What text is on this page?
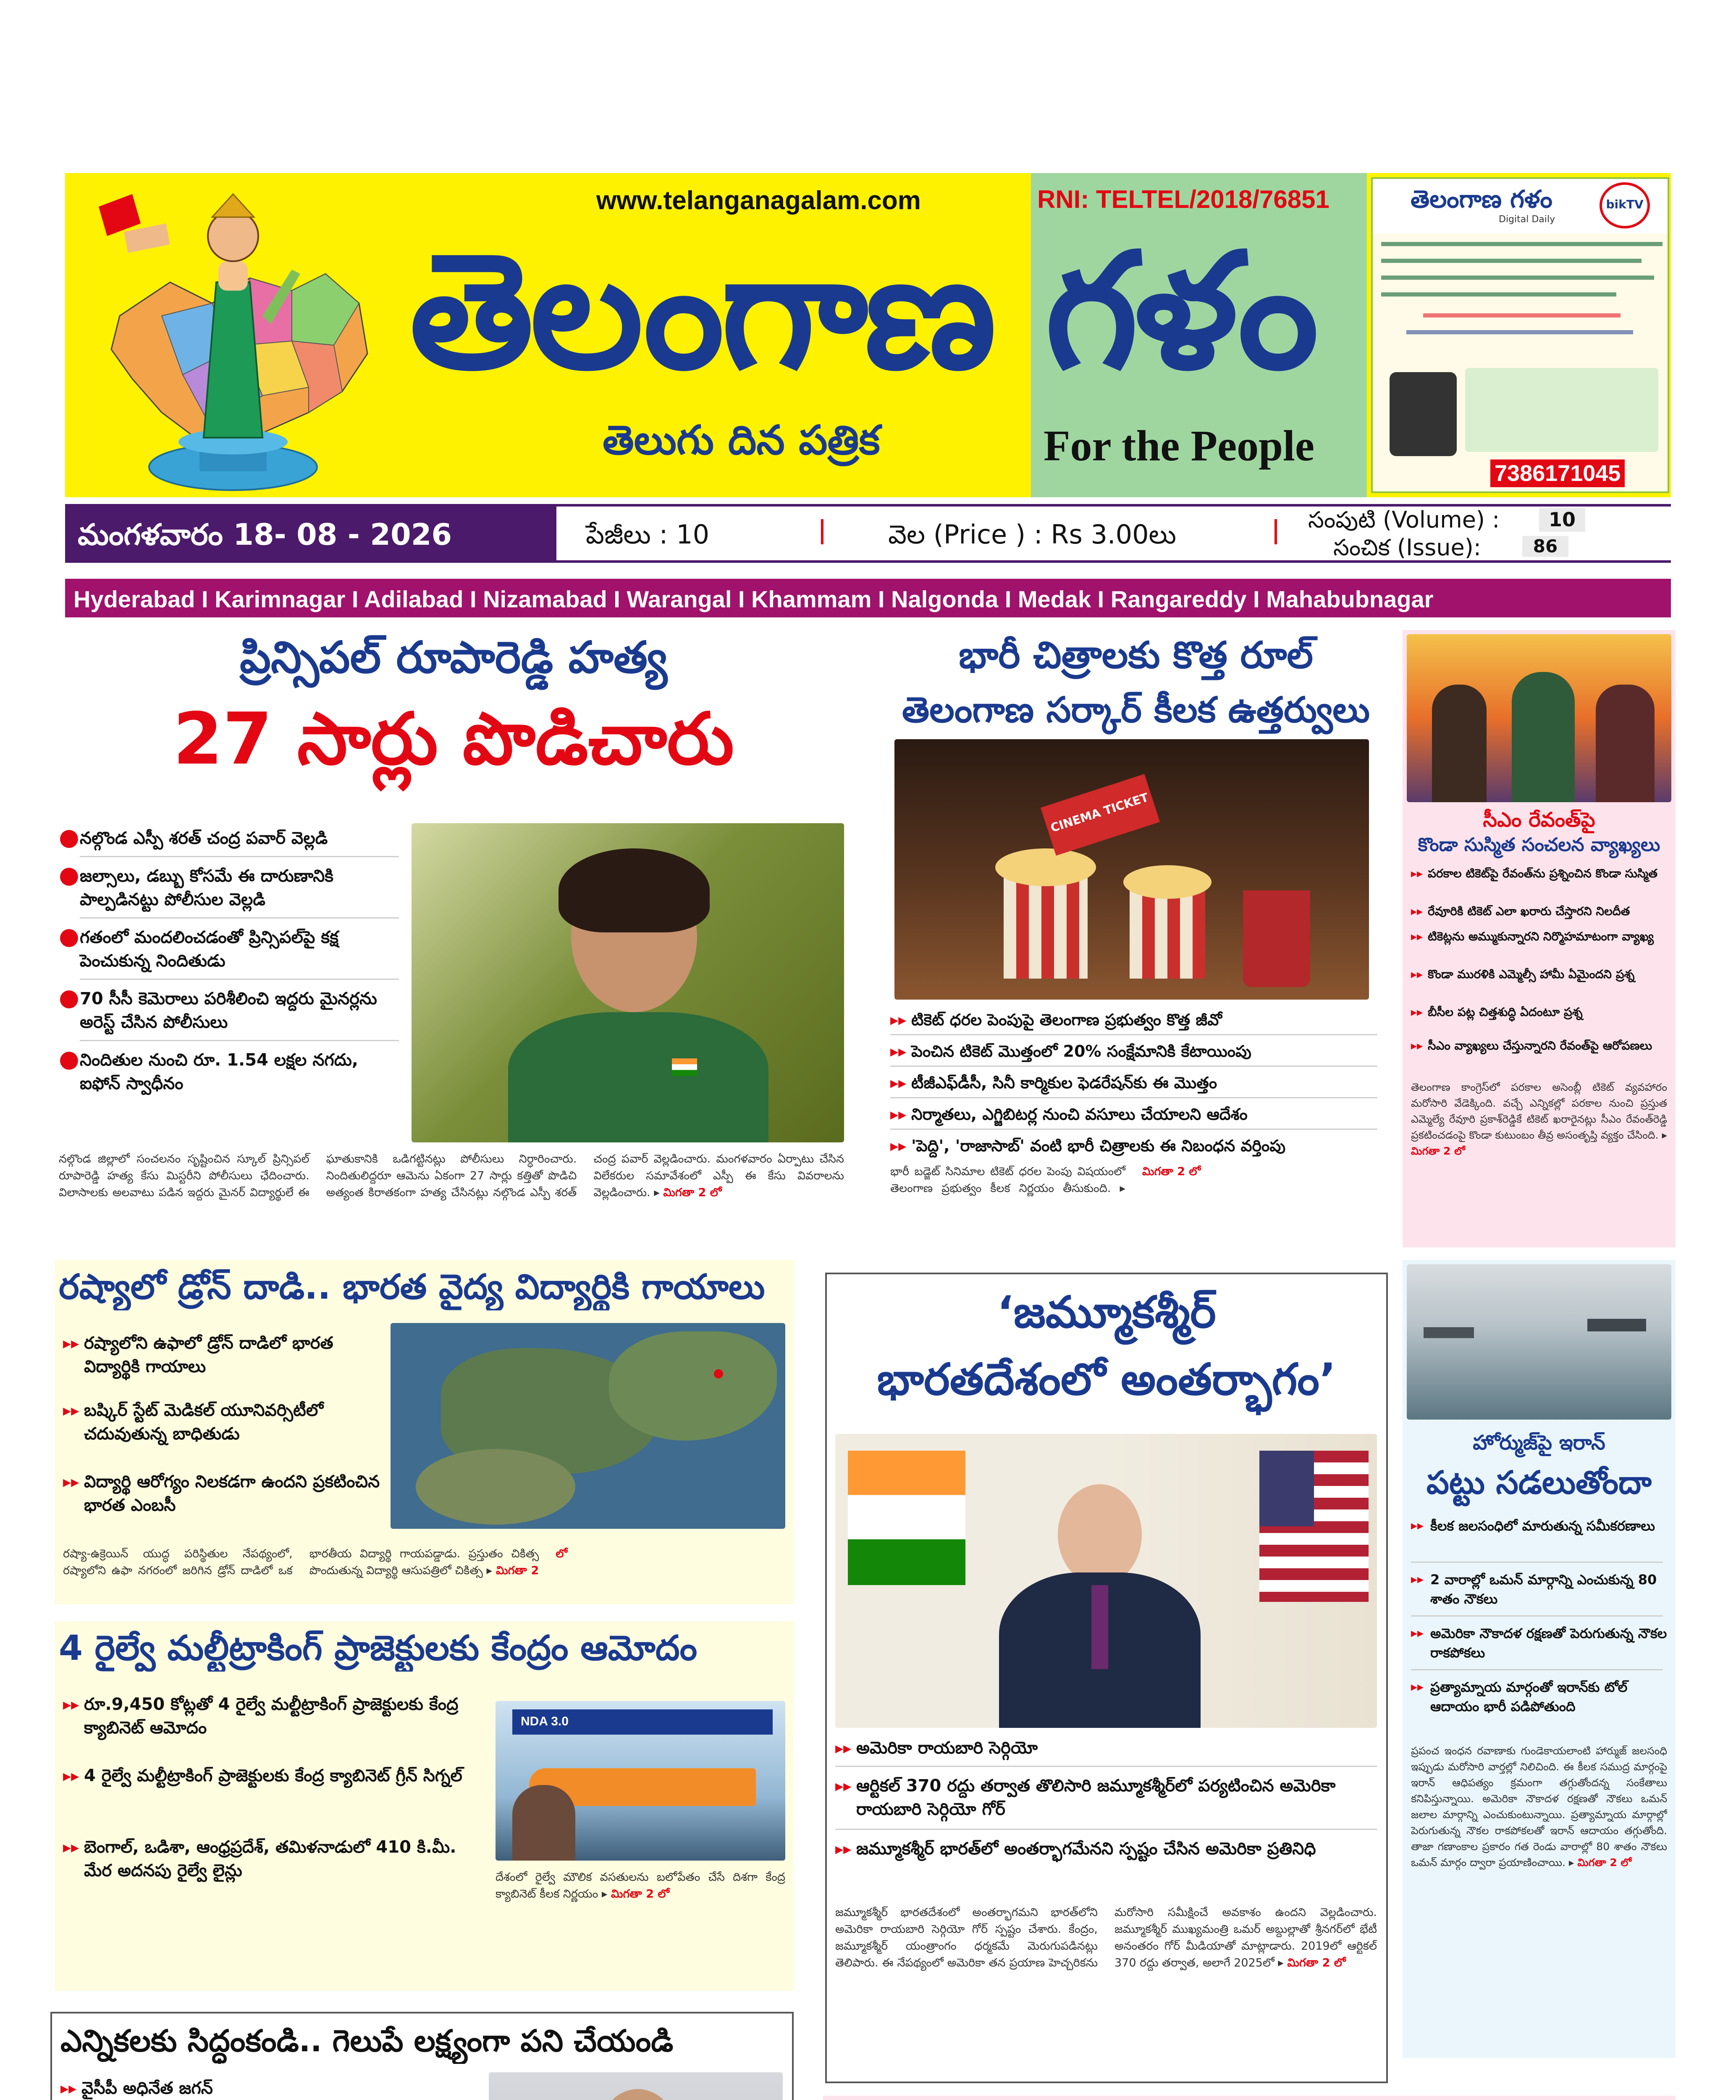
www.telanganagalam.com	RNI: TELTEL/2018/76851
తెలంగాణ గళం
తెలుగు దిన పత్రిక	For the People
తెలంగాణ గళం
Digital Daily
bikTV
7386171045
మంగళవారం 18- 08 - 2026	పేజీలు : 10	వెల (Price ) : Rs 3.00లు	సంపుటి (Volume) :	10
సంచిక (Issue):	86
Hyderabad I Karimnagar I Adilabad I Nizamabad I Warangal I Khammam I Nalgonda I Medak I Rangareddy I Mahabubnagar
ప్రిన్సిపల్ రూపారెడ్డి హత్య
27 సార్లు పొడిచారు
● నల్గొండ ఎస్పీ శరత్ చంద్ర పవార్ వెల్లడి
● జల్సాలు, డబ్బు కోసమే ఈ దారుణానికి పాల్పడినట్టు పోలీసుల వెల్లడి
● గతంలో మందలించడంతో ప్రిన్సిపల్‌పై కక్ష పెంచుకున్న నిందితుడు
● 70 సీసీ కెమెరాలు పరిశీలించి ఇద్దరు మైనర్లను అరెస్ట్ చేసిన పోలీసులు
● నిందితుల నుంచి రూ. 1.54 లక్షల నగదు, ఐఫోన్ స్వాధీనం
నల్గొండ జిల్లాలో సంచలనం సృష్టించిన స్కూల్ ప్రిన్సిపల్ రూపారెడ్డి హత్య కేసు మిస్టరీని పోలీసులు ఛేదించారు. విలాసాలకు అలవాటు పడిన ఇద్దరు మైనర్ విద్యార్థులే ఈ ఘాతుకానికి ఒడిగట్టినట్లు పోలీసులు నిర్ధారించారు. నిందితులిద్దరూ ఆమెను ఏకంగా 27 సార్లు కత్తితో పొడిచి అత్యంత కిరాతకంగా హత్య చేసినట్లు నల్గొండ ఎస్పీ శరత్ చంద్ర పవార్ వెల్లడించారు. మంగళవారం ఏర్పాటు చేసిన విలేకరుల సమావేశంలో ఎస్పీ ఈ కేసు వివరాలను వెల్లడించారు. ▸ మిగతా 2 లో
భారీ చిత్రాలకు కొత్త రూల్
తెలంగాణ సర్కార్ కీలక ఉత్తర్వులు
CINEMA TICKET
▸▸ టికెట్ ధరల పెంపుపై తెలంగాణ ప్రభుత్వం కొత్త జీవో
▸▸ పెంచిన టికెట్ మొత్తంలో 20% సంక్షేమానికి కేటాయింపు
▸▸ టీజీఎఫ్‌డీసీ, సినీ కార్మికుల ఫెడరేషన్‌కు ఈ మొత్తం
▸▸ నిర్మాతలు, ఎగ్జిబిటర్ల నుంచి వసూలు చేయాలని ఆదేశం
▸▸ 'పెద్ది', 'రాజాసాబ్' వంటి భారీ చిత్రాలకు ఈ నిబంధన వర్తింపు
భారీ బడ్జెట్ సినిమాల టికెట్ ధరల పెంపు విషయంలో తెలంగాణ ప్రభుత్వం కీలక నిర్ణయం తీసుకుంది. ▸ మిగతా 2 లో
సీఎం రేవంత్‌పై
కొండా సుస్మిత సంచలన వ్యాఖ్యలు
▸▸ పరకాల టికెట్‌పై రేవంత్‌ను ప్రశ్నించిన కొండా సుస్మిత
▸▸ రేవూరికి టికెట్ ఎలా ఖరారు చేస్తారని నిలదీత
▸▸ టికెట్లను అమ్ముకున్నారని నిర్మొహమాటంగా వ్యాఖ్య
▸▸ కొండా మురళికి ఎమ్మెల్సీ హామీ ఏమైందని ప్రశ్న
▸▸ బీసీల పట్ల చిత్తశుద్ధి ఏదంటూ ప్రశ్న
▸▸ సీఎం వ్యాఖ్యలు చేస్తున్నారని రేవంత్‌పై ఆరోపణలు
తెలంగాణ కాంగ్రెస్‌లో పరకాల అసెంబ్లీ టికెట్ వ్యవహారం మరోసారి వేడెక్కింది. వచ్చే ఎన్నికల్లో పరకాల నుంచి ప్రస్తుత ఎమ్మెల్యే రేవూరి ప్రకాశ్‌రెడ్డికే టికెట్ ఖరారైనట్లు సీఎం రేవంత్‌రెడ్డి ప్రకటించడంపై కొండా కుటుంబం తీవ్ర అసంతృప్తి వ్యక్తం చేసింది. ▸ మిగతా 2 లో
రష్యాలో డ్రోన్ దాడి.. భారత వైద్య విద్యార్థికి గాయాలు
▸▸ రష్యాలోని ఉఫాలో డ్రోన్ దాడిలో భారత విద్యార్థికి గాయాలు
▸▸ బష్కిర్ స్టేట్ మెడికల్ యూనివర్సిటీలో చదువుతున్న బాధితుడు
▸▸ విద్యార్థి ఆరోగ్యం నిలకడగా ఉందని ప్రకటించిన భారత ఎంబసీ
రష్యా-ఉక్రెయిన్ యుద్ధ పరిస్థితుల నేపథ్యంలో, రష్యాలోని ఉఫా నగరంలో జరిగిన డ్రోన్ దాడిలో ఒక భారతీయ విద్యార్థి గాయపడ్డాడు. ప్రస్తుతం చికిత్స పొందుతున్న విద్యార్థి ఆసుపత్రిలో చికిత్స ▸ మిగతా 2 లో
4 రైల్వే మల్టీట్రాకింగ్ ప్రాజెక్టులకు కేంద్రం ఆమోదం
NDA 3.0
▸▸ రూ.9,450 కోట్లతో 4 రైల్వే మల్టీట్రాకింగ్ ప్రాజెక్టులకు కేంద్ర క్యాబినెట్ ఆమోదం
▸▸ 4 రైల్వే మల్టీట్రాకింగ్ ప్రాజెక్టులకు కేంద్ర క్యాబినెట్ గ్రీన్ సిగ్నల్
▸▸ బెంగాల్, ఒడిశా, ఆంధ్రప్రదేశ్, తమిళనాడులో 410 కి.మీ. మేర అదనపు రైల్వే లైన్లు	దేశంలో రైల్వే మౌలిక వసతులను బలోపేతం చేసే దిశగా కేంద్ర క్యాబినెట్ కీలక నిర్ణయం ▸ మిగతా 2 లో
‘జమ్మూకశ్మీర్
భారతదేశంలో అంతర్భాగం’
▸▸ అమెరికా రాయబారి సెర్గియో
▸▸ ఆర్టికల్ 370 రద్దు తర్వాత తొలిసారి జమ్మూకశ్మీర్‌లో పర్యటించిన అమెరికా రాయబారి సెర్గియో గోర్
▸▸ జమ్మూకశ్మీర్ భారత్‌లో అంతర్భాగమేనని స్పష్టం చేసిన అమెరికా ప్రతినిధి
జమ్మూకశ్మీర్ భారతదేశంలో అంతర్భాగమని భారత్‌లోని అమెరికా రాయబారి సెర్గియో గోర్ స్పష్టం చేశారు. కేంద్రం, జమ్మూకశ్మీర్ యంత్రాంగం ధర్మకమే మెరుగుపడినట్లు తెలిపారు. ఈ నేపథ్యంలో అమెరికా తన ప్రయాణ హెచ్చరికను మరోసారి సమీక్షించే అవకాశం ఉందని వెల్లడించారు. జమ్మూకశ్మీర్ ముఖ్యమంత్రి ఒమర్ అబ్దుల్లాతో శ్రీనగర్‌లో భేటీ అనంతరం గోర్ మీడియాతో మాట్లాడారు. 2019లో ఆర్టికల్ 370 రద్దు తర్వాత, అలాగే 2025లో ▸ మిగతా 2 లో
హోర్ముజ్‌పై ఇరాన్
పట్టు సడలుతోందా
▸▸ కీలక జలసంధిలో మారుతున్న సమీకరణాలు
▸▸ 2 వారాల్లో ఒమన్ మార్గాన్ని ఎంచుకున్న 80 శాతం నౌకలు
▸▸ అమెరికా నౌకాదళ రక్షణతో పెరుగుతున్న నౌకల రాకపోకలు
▸▸ ప్రత్యామ్నాయ మార్గంతో ఇరాన్‌కు టోల్ ఆదాయం భారీ పడిపోతుంది
ప్రపంచ ఇంధన రవాణాకు గుండెకాయలాంటి హార్ముజ్ జలసంధి ఇప్పుడు మరోసారి వార్తల్లో నిలిచింది. ఈ కీలక సముద్ర మార్గంపై ఇరాన్ ఆధిపత్యం క్రమంగా తగ్గుతోందన్న సంకేతాలు కనిపిస్తున్నాయి. అమెరికా నౌకాదళ రక్షణతో నౌకలు ఒమన్ జలాల మార్గాన్ని ఎంచుకుంటున్నాయి. ప్రత్యామ్నాయ మార్గాల్లో పెరుగుతున్న నౌకల రాకపోకలతో ఇరాన్ ఆదాయం తగ్గుతోంది. తాజా గణాంకాల ప్రకారం గత రెండు వారాల్లో 80 శాతం నౌకలు ఒమన్ మార్గం ద్వారా ప్రయాణించాయి. ▸ మిగతా 2 లో
ఎన్నికలకు సిద్ధంకండి.. గెలుపే లక్ష్యంగా పని చేయండి
▸▸ వైసీపీ అధినేత జగన్
